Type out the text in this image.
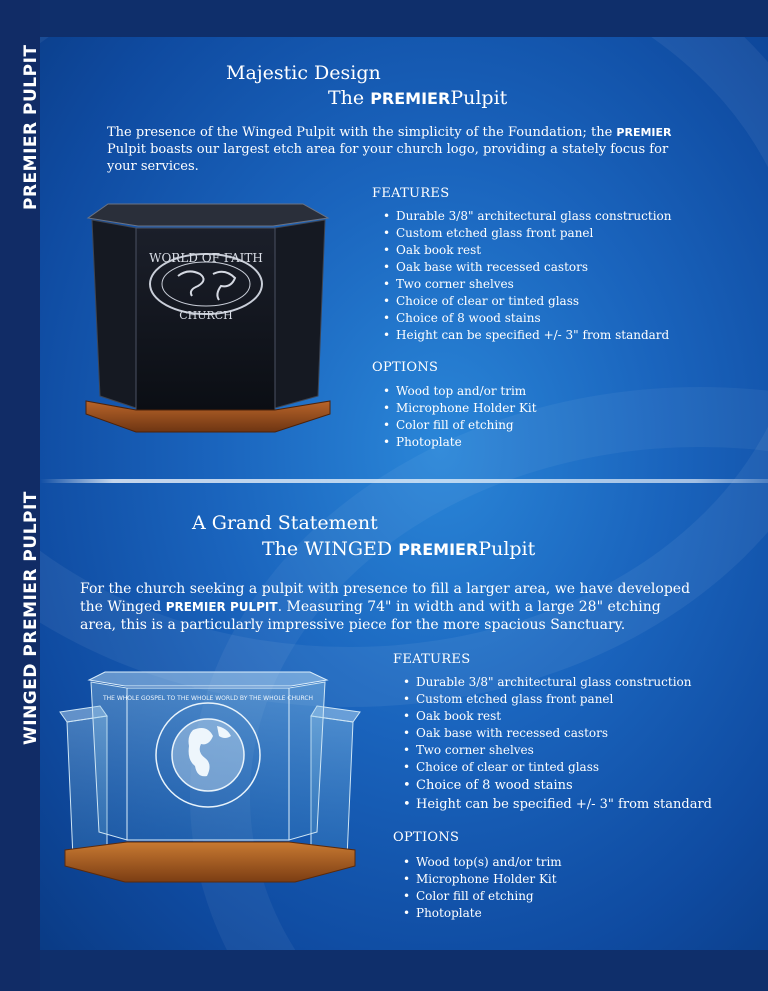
PREMIER PULPIT
WINGED PREMIER PULPIT
Majestic Design
The PREMIERPulpit
The presence of the Winged Pulpit with the simplicity of the Foundation; the PREMIER Pulpit boasts our largest etch area for your church logo, providing a stately focus for your services.
FEATURES
• Durable 3/8" architectural glass construction
• Custom etched glass front panel
• Oak book rest
• Oak base with recessed castors
• Two corner shelves
• Choice of clear or tinted glass
• Choice of 8 wood stains
• Height can be specified +/- 3" from standard
OPTIONS
• Wood top and/or trim
• Microphone Holder Kit
• Color fill of etching
• Photoplate
WORLD OF FAITH
CHURCH
A Grand Statement
The WINGED PREMIERPulpit
For the church seeking a pulpit with presence to fill a larger area, we have developed the Winged PREMIER PULPIT. Measuring 74" in width and with a large 28" etching area, this is a particularly impressive piece for the more spacious Sanctuary.
FEATURES
• Durable 3/8" architectural glass construction
• Custom etched glass front panel
• Oak book rest
• Oak base with recessed castors
• Two corner shelves
• Choice of clear or tinted glass
• Choice of 8 wood stains
• Height can be specified +/- 3" from standard
OPTIONS
• Wood top(s) and/or trim
• Microphone Holder Kit
• Color fill of etching
• Photoplate
THE WHOLE GOSPEL TO THE WHOLE WORLD BY THE WHOLE CHURCH
